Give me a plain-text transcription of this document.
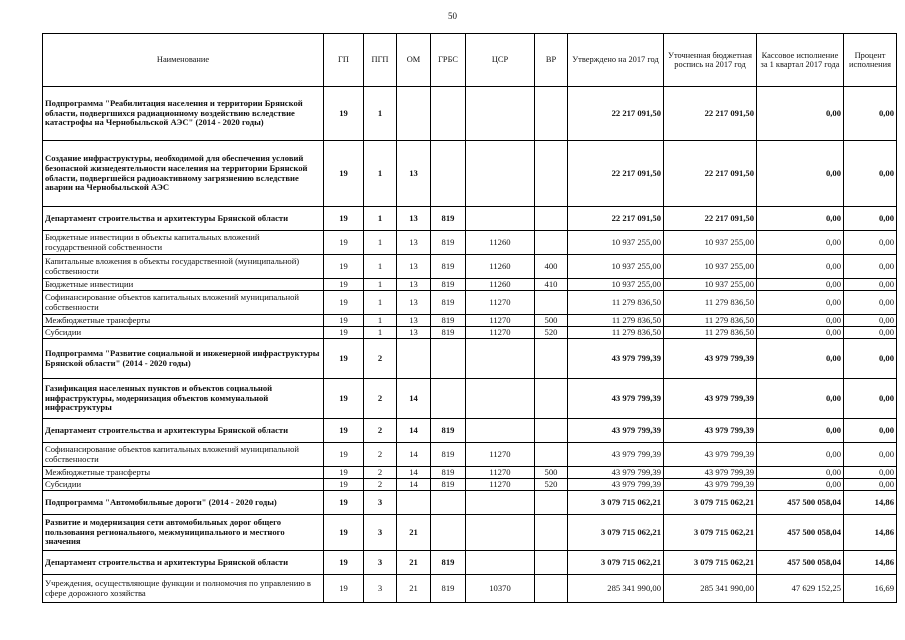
50
Наименование	ГП	ПГП	ОМ	ГРБС	ЦСР	ВР	Утверждено на 2017 год	Уточненная бюджетная роспись на 2017 год	Кассовое исполнение за 1 квартал 2017 года	Процент исполнения
Подпрограмма "Реабилитация населения и территории Брянской области, подвергшихся радиационному воздействию вследствие катастрофы на Чернобыльской АЭС" (2014 - 2020 годы)	19	1					22 217 091,50	22 217 091,50	0,00	0,00
Создание инфраструктуры, необходимой для обеспечения условий безопасной жизнедеятельности населения на территории Брянской области, подвергшейся радиоактивному загрязнению вследствие аварии на Чернобыльской АЭС	19	1	13				22 217 091,50	22 217 091,50	0,00	0,00
Департамент строительства и архитектуры Брянской области	19	1	13	819			22 217 091,50	22 217 091,50	0,00	0,00
Бюджетные инвестиции в объекты капитальных вложений государственной собственности	19	1	13	819	11260		10 937 255,00	10 937 255,00	0,00	0,00
Капитальные вложения в объекты государственной (муниципальной) собственности	19	1	13	819	11260	400	10 937 255,00	10 937 255,00	0,00	0,00
Бюджетные инвестиции	19	1	13	819	11260	410	10 937 255,00	10 937 255,00	0,00	0,00
Софинансирование объектов капитальных вложений муниципальной собственности	19	1	13	819	11270		11 279 836,50	11 279 836,50	0,00	0,00
Межбюджетные трансферты	19	1	13	819	11270	500	11 279 836,50	11 279 836,50	0,00	0,00
Субсидии	19	1	13	819	11270	520	11 279 836,50	11 279 836,50	0,00	0,00
Подпрограмма "Развитие социальной и инженерной инфраструктуры Брянской области" (2014 - 2020 годы)	19	2					43 979 799,39	43 979 799,39	0,00	0,00
Газификация населенных пунктов и объектов социальной инфраструктуры, модернизация объектов коммунальной инфраструктуры	19	2	14				43 979 799,39	43 979 799,39	0,00	0,00
Департамент строительства и архитектуры Брянской области	19	2	14	819			43 979 799,39	43 979 799,39	0,00	0,00
Софинансирование объектов капитальных вложений муниципальной собственности	19	2	14	819	11270		43 979 799,39	43 979 799,39	0,00	0,00
Межбюджетные трансферты	19	2	14	819	11270	500	43 979 799,39	43 979 799,39	0,00	0,00
Субсидии	19	2	14	819	11270	520	43 979 799,39	43 979 799,39	0,00	0,00
Подпрограмма "Автомобильные дороги" (2014 - 2020 годы)	19	3					3 079 715 062,21	3 079 715 062,21	457 500 058,04	14,86
Развитие и модернизация сети автомобильных дорог общего пользования регионального, межмуниципального и местного значения	19	3	21				3 079 715 062,21	3 079 715 062,21	457 500 058,04	14,86
Департамент строительства и архитектуры Брянской области	19	3	21	819			3 079 715 062,21	3 079 715 062,21	457 500 058,04	14,86
Учреждения, осуществляющие функции и полномочия по управлению в сфере дорожного хозяйства	19	3	21	819	10370		285 341 990,00	285 341 990,00	47 629 152,25	16,69
